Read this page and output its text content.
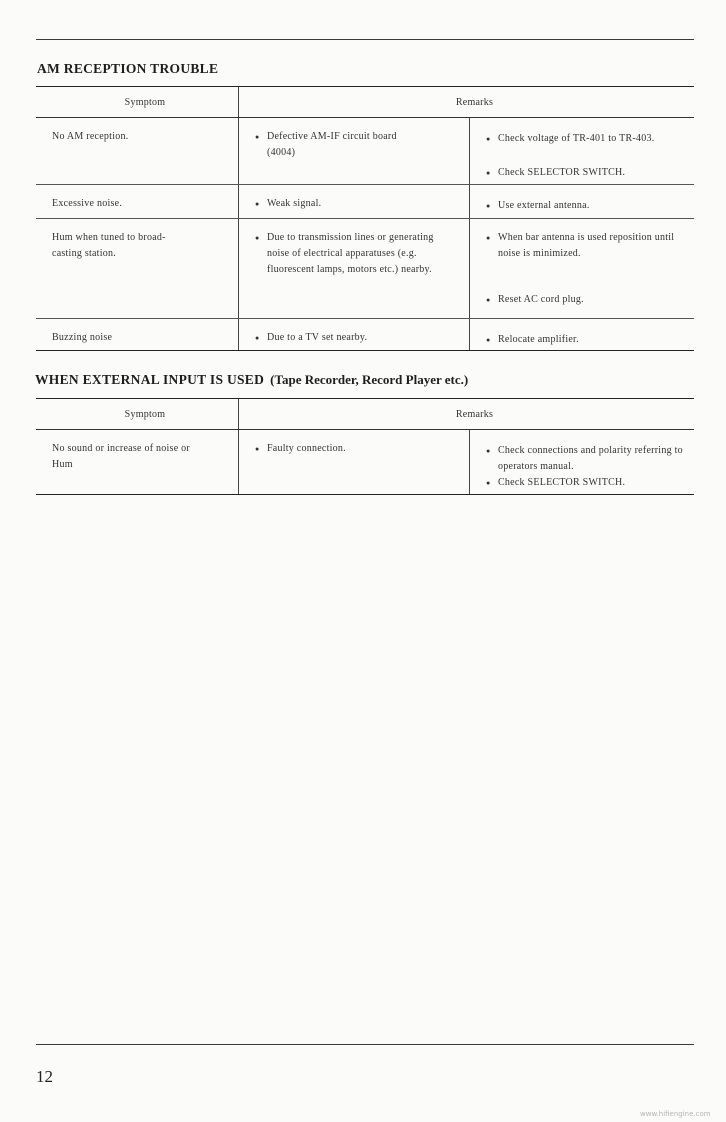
AM RECEPTION TROUBLE
Symptom	Remarks	
No AM reception.	● Defective AM-IF circuit board (4004)	● Check voltage of TR-401 to TR-403.

● Check SELECTOR SWITCH.

Excessive noise.	● Weak signal.	● Use external antenna.

Hum when tuned to broad-casting station.	● Due to transmission lines or generating noise of electrical apparatuses (e.g. fluorescent lamps, motors etc.) nearby.	● When bar antenna is used reposition until noise is minimized.

● Reset AC cord plug.

Buzzing noise	● Due to a TV set nearby.	● Relocate amplifier.

WHEN EXTERNAL INPUT IS USED (Tape Recorder, Record Player etc.)
Symptom	Remarks	

No sound or increase of noise or Hum	● Faulty connection.	● Check connections and polarity referring to operators manual.

● Check SELECTOR SWITCH.

12
www.hifiengine.com
